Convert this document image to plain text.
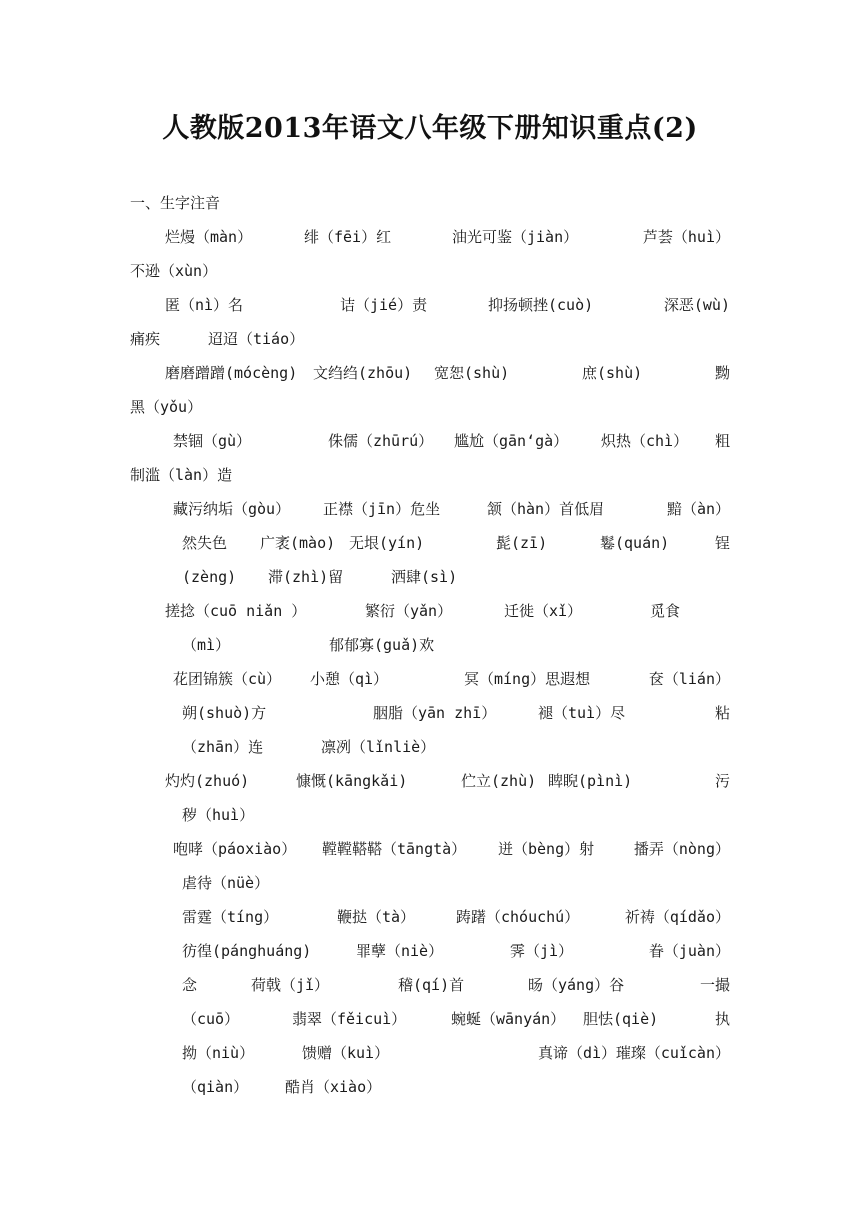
人教版2013年语文八年级下册知识重点(2)
一、生字注音
烂熳（màn）	绯（fēi）红	油光可鉴（jiàn）	芦荟（huì）
不逊（xùn）
匿（nì）名	诘（jié）责	抑扬顿挫(cuò)	深恶(wù)
痛疾	迢迢（tiáo）
磨磨蹭蹭(mócèng) 文绉绉(zhōu) 宽恕(shù)	庶(shù)	黝
黑（yǒu）
禁锢（gù）	侏儒（zhūrú） 尴尬（gān‘gà） 炽热（chì） 粗
制滥（làn）造
藏污纳垢（gòu） 正襟（jīn）危坐	颔（hàn）首低眉	黯（àn）
然失色 广袤(mào) 无垠(yín)	髭(zī)	鬈(quán)	锃
(zèng) 滞(zhì)留	洒肆(sì)
搓捻（cuō niǎn ）	繁衍（yǎn）	迁徙（xǐ）	觅食
（mì）	郁郁寡(guǎ)欢
花团锦簇（cù） 小憩（qì）	冥（míng）思遐想	奁（lián）
朔(shuò)方	胭脂（yān zhī）	褪（tuì）尽	粘
（zhān）连	凛冽（lǐnliè）
灼灼(zhuó)	慷慨(kāngkǎi)	伫立(zhù) 睥睨(pìnì)	污
秽（huì）
咆哮（páoxiào） 鞺鞺鞳鞳（tāngtà） 迸（bèng）射	播弄（nòng）
虐待（nüè）
雷霆（tíng）	鞭挞（tà）	踌躇（chóuchú）	祈祷（qídǎo）
彷徨(pánghuáng)	罪孽（niè）	霁（jì）	眷（juàn）
念	荷戟（jǐ）	稽(qí)首	旸（yáng）谷	一撮
（cuō）	翡翠（fěicuì）	蜿蜒（wānyán） 胆怯(qiè)	执
拗（niù）	馈赠（kuì）	真谛（dì） 璀璨（cuǐcàn）
（qiàn） 酷肖（xiào）
